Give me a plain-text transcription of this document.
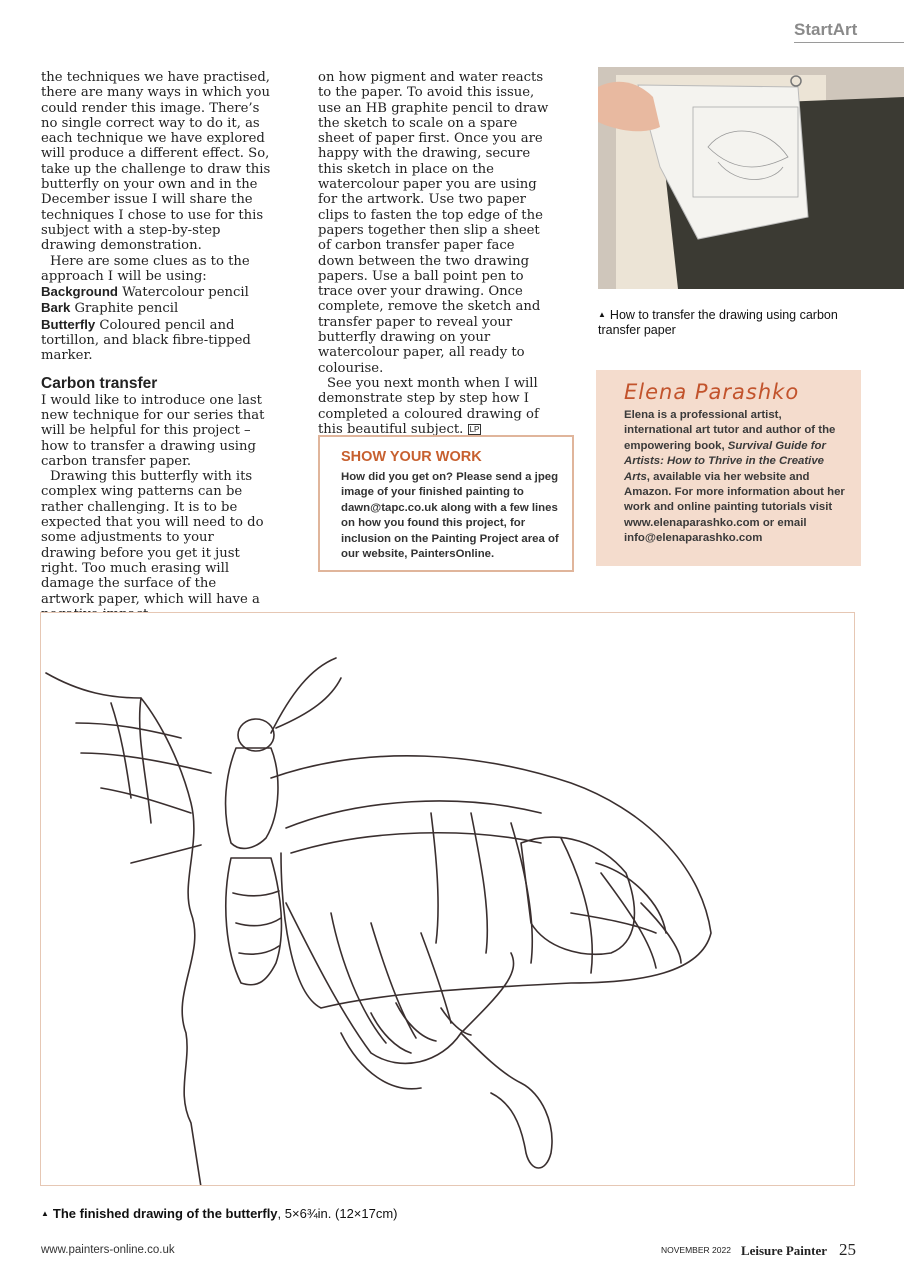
StartArt

the techniques we have practised, there are many ways in which you could render this image. There’s no single correct way to do it, as each technique we have explored will produce a different effect. So, take up the challenge to draw this butterfly on your own and in the December issue I will share the techniques I chose to use for this subject with a step-by-step drawing demonstration.

Here are some clues as to the approach I will be using:

Background Watercolour pencil

Bark Graphite pencil

Butterfly Coloured pencil and tortillon, and black fibre-tipped marker.

Carbon transfer

I would like to introduce one last new technique for our series that will be helpful for this project – how to transfer a drawing using carbon transfer paper.

Drawing this butterfly with its complex wing patterns can be rather challenging. It is to be expected that you will need to do some adjustments to your drawing before you get it just right. Too much erasing will damage the surface of the artwork paper, which will have a

on how pigment and water reacts to the paper. To avoid this issue, use an HB graphite pencil to draw the sketch to scale on a spare sheet of paper first. Once you are happy with the drawing, secure this sketch in place on the watercolour paper you are using for the artwork. Use two paper clips to fasten the top edge of the papers together then slip a sheet of carbon transfer paper face down between the two drawing papers. Use a ball point pen to trace over your drawing. Once complete, remove the sketch and transfer paper to reveal your butterfly drawing on your watercolour paper, all ready to colourise.

See you next month when I will demonstrate step by step how I completed a coloured drawing of this beautiful subject. LP

▲ How to transfer the drawing using carbon transfer paper
Elena Parashko
Elena is a professional artist, international art tutor and author of the empowering book, Survival Guide for Artists: How to Thrive in the Creative Arts, available via her website and Amazon. For more information about her work and online painting tutorials visit www.elenaparashko.com or email info@elenaparashko.com
SHOW YOUR WORK
How did you get on? Please send a jpeg image of your finished painting to dawn@tapc.co.uk along with a few lines on how you found this project, for inclusion on the Painting Project area of our website, PaintersOnline.
▲ The finished drawing of the butterfly, 5×6¾in. (12×17cm)
www.painters-online.co.uk	NOVEMBER 2022 Leisure Painter 25
